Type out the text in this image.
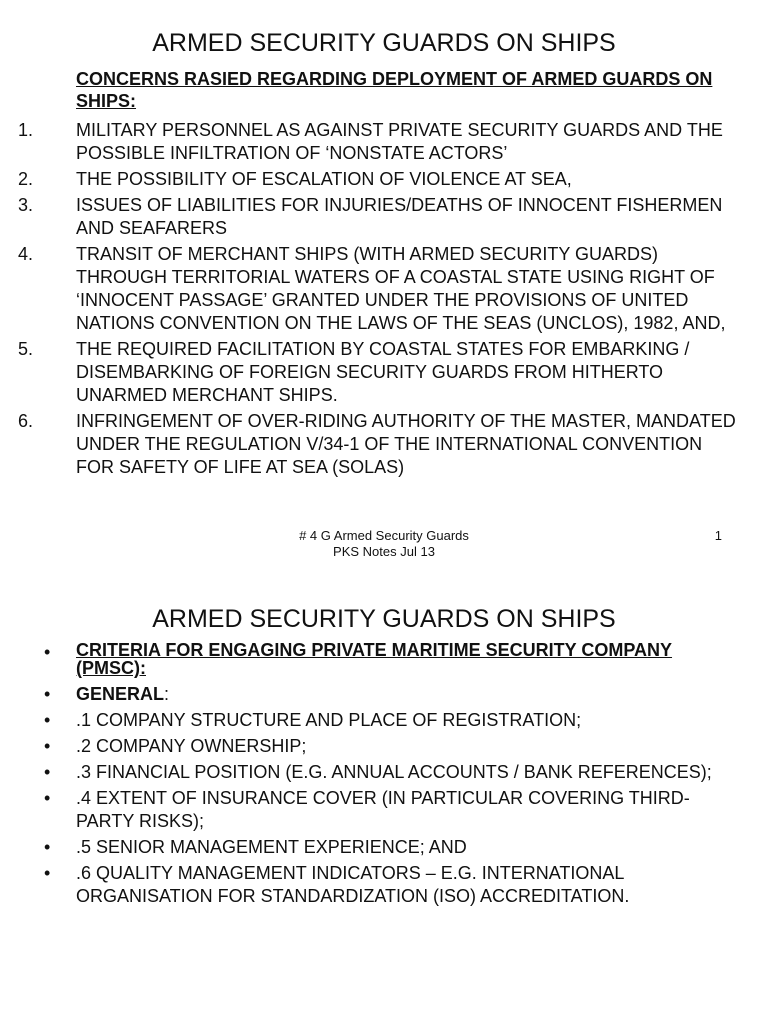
ARMED SECURITY GUARDS ON SHIPS
CONCERNS RASIED REGARDING DEPLOYMENT OF ARMED GUARDS ON SHIPS:
1. MILITARY PERSONNEL AS AGAINST PRIVATE SECURITY GUARDS AND THE POSSIBLE INFILTRATION OF ‘NONSTATE ACTORS’
2. THE POSSIBILITY OF ESCALATION OF VIOLENCE AT SEA,
3. ISSUES OF LIABILITIES FOR INJURIES/DEATHS OF INNOCENT FISHERMEN AND SEAFARERS
4. TRANSIT OF MERCHANT SHIPS (WITH ARMED SECURITY GUARDS) THROUGH TERRITORIAL WATERS OF A COASTAL STATE USING RIGHT OF ‘INNOCENT PASSAGE’ GRANTED UNDER THE PROVISIONS OF UNITED NATIONS CONVENTION ON THE LAWS OF THE SEAS (UNCLOS), 1982, AND,
5. THE REQUIRED FACILITATION BY COASTAL STATES FOR EMBARKING / DISEMBARKING OF FOREIGN SECURITY GUARDS FROM HITHERTO UNARMED MERCHANT SHIPS.
6. INFRINGEMENT OF OVER-RIDING AUTHORITY OF THE MASTER, MANDATED UNDER THE REGULATION V/34-1 OF THE INTERNATIONAL CONVENTION FOR SAFETY OF LIFE AT SEA (SOLAS)
# 4 G Armed Security Guards
PKS Notes Jul 13
1
ARMED SECURITY GUARDS ON SHIPS
• CRITERIA FOR ENGAGING PRIVATE MARITIME SECURITY COMPANY (PMSC):
• GENERAL:
• .1 COMPANY STRUCTURE AND PLACE OF REGISTRATION;
• .2 COMPANY OWNERSHIP;
• .3 FINANCIAL POSITION (E.G. ANNUAL ACCOUNTS / BANK REFERENCES);
• .4 EXTENT OF INSURANCE COVER (IN PARTICULAR COVERING THIRD-PARTY RISKS);
• .5 SENIOR MANAGEMENT EXPERIENCE; AND
• .6 QUALITY MANAGEMENT INDICATORS – E.G. INTERNATIONAL ORGANISATION FOR STANDARDIZATION (ISO) ACCREDITATION.
